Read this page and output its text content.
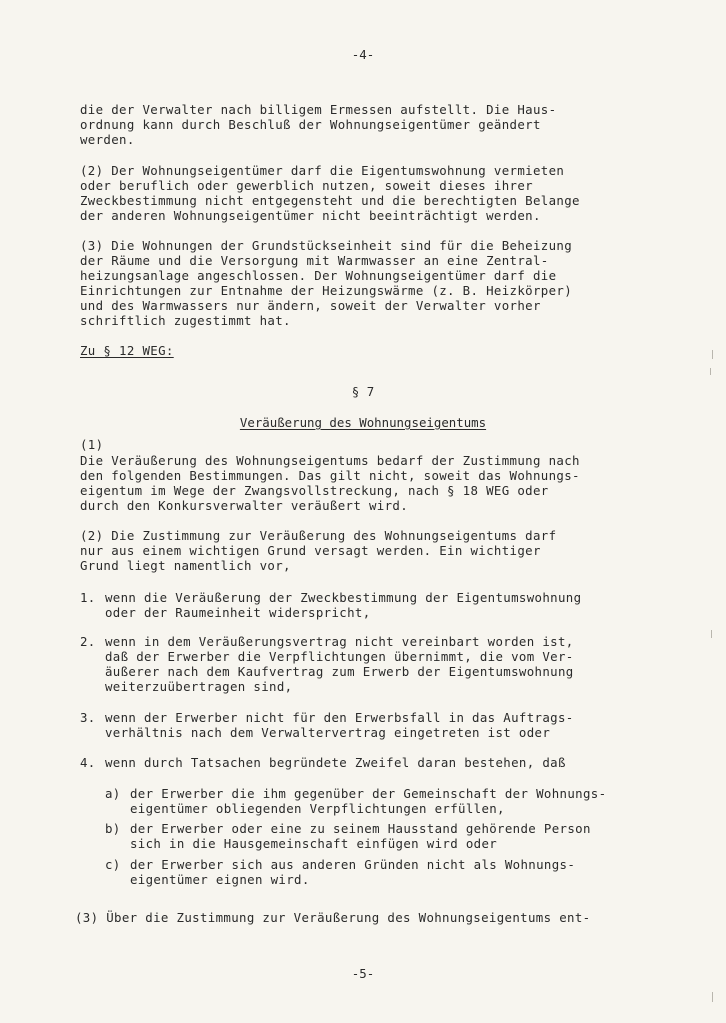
-4-
die der Verwalter nach billigem Ermessen aufstellt. Die Haus-
ordnung kann durch Beschluß der Wohnungseigentümer geändert
werden.
(2) Der Wohnungseigentümer darf die Eigentumswohnung vermieten
oder beruflich oder gewerblich nutzen, soweit dieses ihrer
Zweckbestimmung nicht entgegensteht und die berechtigten Belange
der anderen Wohnungseigentümer nicht beeinträchtigt werden.
(3) Die Wohnungen der Grundstückseinheit sind für die Beheizung
der Räume und die Versorgung mit Warmwasser an eine Zentral-
heizungsanlage angeschlossen. Der Wohnungseigentümer darf die
Einrichtungen zur Entnahme der Heizungswärme (z. B. Heizkörper)
und des Warmwassers nur ändern, soweit der Verwalter vorher
schriftlich zugestimmt hat.
Zu § 12 WEG:
§ 7
Veräußerung des Wohnungseigentums
(1)
Die Veräußerung des Wohnungseigentums bedarf der Zustimmung nach
den folgenden Bestimmungen. Das gilt nicht, soweit das Wohnungs-
eigentum im Wege der Zwangsvollstreckung, nach § 18 WEG oder
durch den Konkursverwalter veräußert wird.
(2) Die Zustimmung zur Veräußerung des Wohnungseigentums darf
nur aus einem wichtigen Grund versagt werden. Ein wichtiger
Grund liegt namentlich vor,
1. wenn die Veräußerung der Zweckbestimmung der Eigentumswohnung
oder der Raumeinheit widerspricht,
2. wenn in dem Veräußerungsvertrag nicht vereinbart worden ist,
daß der Erwerber die Verpflichtungen übernimmt, die vom Ver-
äußerer nach dem Kaufvertrag zum Erwerb der Eigentumswohnung
weiterzuübertragen sind,
3. wenn der Erwerber nicht für den Erwerbsfall in das Auftrags-
verhältnis nach dem Verwaltervertrag eingetreten ist oder
4. wenn durch Tatsachen begründete Zweifel daran bestehen, daß
a) der Erwerber die ihm gegenüber der Gemeinschaft der Wohnungs-
eigentümer obliegenden Verpflichtungen erfüllen,
b) der Erwerber oder eine zu seinem Hausstand gehörende Person
sich in die Hausgemeinschaft einfügen wird oder
c) der Erwerber sich aus anderen Gründen nicht als Wohnungs-
eigentümer eignen wird.
(3) Über die Zustimmung zur Veräußerung des Wohnungseigentums ent-
-5-
